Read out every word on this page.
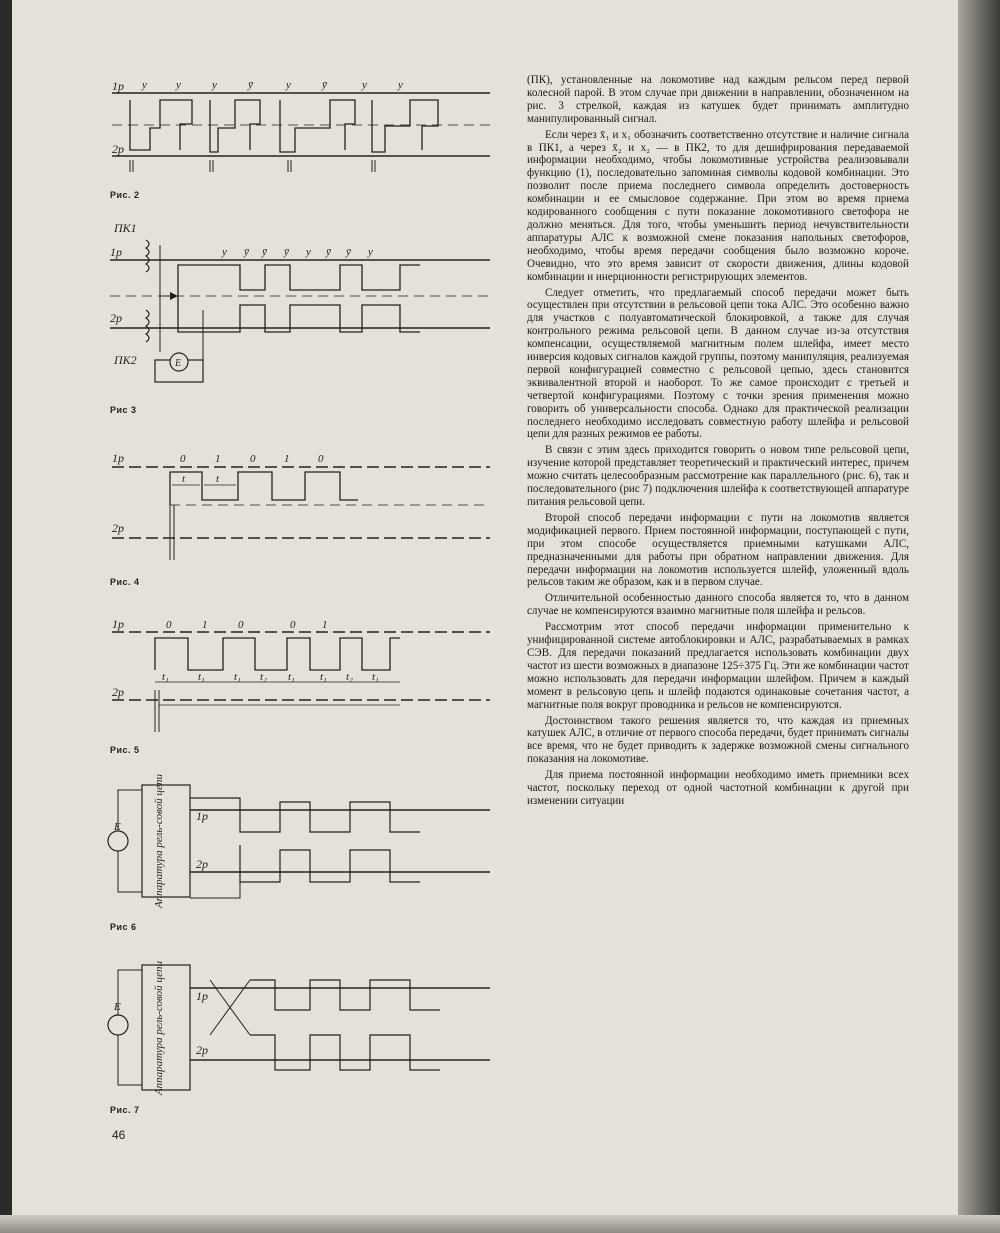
1р
2р
y	y	y	ȳ	y	ȳ	y	y
ПК1
1р
2р
ПК2
y ȳ ȳ ȳ y ȳ ȳ y
E
1р	0	1	0	1	0
t	t
2р
1р	0	1	0	0 1
t₁	t₁	t₁ t₂ t₁ t₁ t₂ t₁
2р
Аппаратура рель-совой цепи
E
1р
2р
Аппаратура рель-совой цепи
E
1р
2р
Рис. 2
Рис 3
Рис. 4
Рис. 5
Рис 6
Рис. 7

(ПК), установленные на локомотиве над каждым рельсом перед первой колесной парой. В этом случае при движении в направлении, обозначенном на рис. 3 стрелкой, каждая из катушек будет принимать амплитудно манипулированный сигнал.

Если через x̄₁ и x₁ обозначить соответственно отсутствие и наличие сигнала в ПК1, а через x̄₂ и x₂ — в ПК2, то для дешифрирования передаваемой информации необходимо, чтобы локомотивные устройства реализовывали функцию (1), последовательно запоминая символы кодовой комбинации. Это позволит после приема последнего символа определить достоверность комбинации и ее смысловое содержание. При этом во время приема кодированного сообщения с пути показание локомотивного светофора не должно меняться. Для того, чтобы уменьшить период нечувствительности аппаратуры АЛС к возможной смене показания напольных светофоров, необходимо, чтобы время передачи сообщения было возможно короче. Очевидно, что это время зависит от скорости движения, длины кодовой комбинации и инерционности регистрирующих элементов.

Следует отметить, что предлагаемый способ передачи может быть осуществлен при отсутствии в рельсовой цепи тока АЛС. Это особенно важно для участков с полуавтоматической блокировкой, а также для случая контрольного режима рельсовой цепи. В данном случае из-за отсутствия компенсации, осуществляемой магнитным полем шлейфа, имеет место инверсия кодовых сигналов каждой группы, поэтому манипуляция, реализуемая первой конфигурацией совместно с рельсовой цепью, здесь становится эквивалентной второй и наоборот. То же самое происходит с третьей и четвертой конфигурациями. Поэтому с точки зрения применения можно говорить об универсальности способа. Однако для практической реализации последнего необходимо исследовать совместную работу шлейфа и рельсовой цепи для разных режимов ее работы.

В связи с этим здесь приходится говорить о новом типе рельсовой цепи, изучение которой представляет теоретический и практический интерес, причем можно считать целесообразным рассмотрение как параллельного (рис. 6), так и последовательного (рис 7) подключения шлейфа к соответствующей аппаратуре питания рельсовой цепи.

Второй способ передачи информации с пути на локомотив является модификацией первого. Прием постоянной информации, поступающей с пути, при этом способе осуществляется приемными катушками АЛС, предназначенными для работы при обратном направлении движения. Для передачи информации на локомотив используется шлейф, уложенный вдоль рельсов таким же образом, как и в первом случае.

Отличительной особенностью данного способа является то, что в данном случае не компенсируются взаимно магнитные поля шлейфа и рельсов.

Рассмотрим этот способ передачи информации применительно к унифицированной системе автоблокировки и АЛС, разрабатываемых в рамках СЭВ. Для передачи показаний предлагается использовать комбинации двух частот из шести возможных в диапазоне 125÷375 Гц. Эти же комбинации частот можно использовать для передачи информации шлейфом. Причем в каждый момент в рельсовую цепь и шлейф подаются одинаковые сочетания частот, а магнитные поля вокруг проводника и рельсов не компенсируются.

Достоинством такого решения является то, что каждая из приемных катушек АЛС, в отличие от первого способа передачи, будет принимать сигналы все время, что не будет приводить к задержке возможной смены сигнального показания на локомотиве.

Для приема постоянной информации необходимо иметь приемники всех частот, поскольку переход от одной частотной комбинации к другой при изменении ситуации

46
